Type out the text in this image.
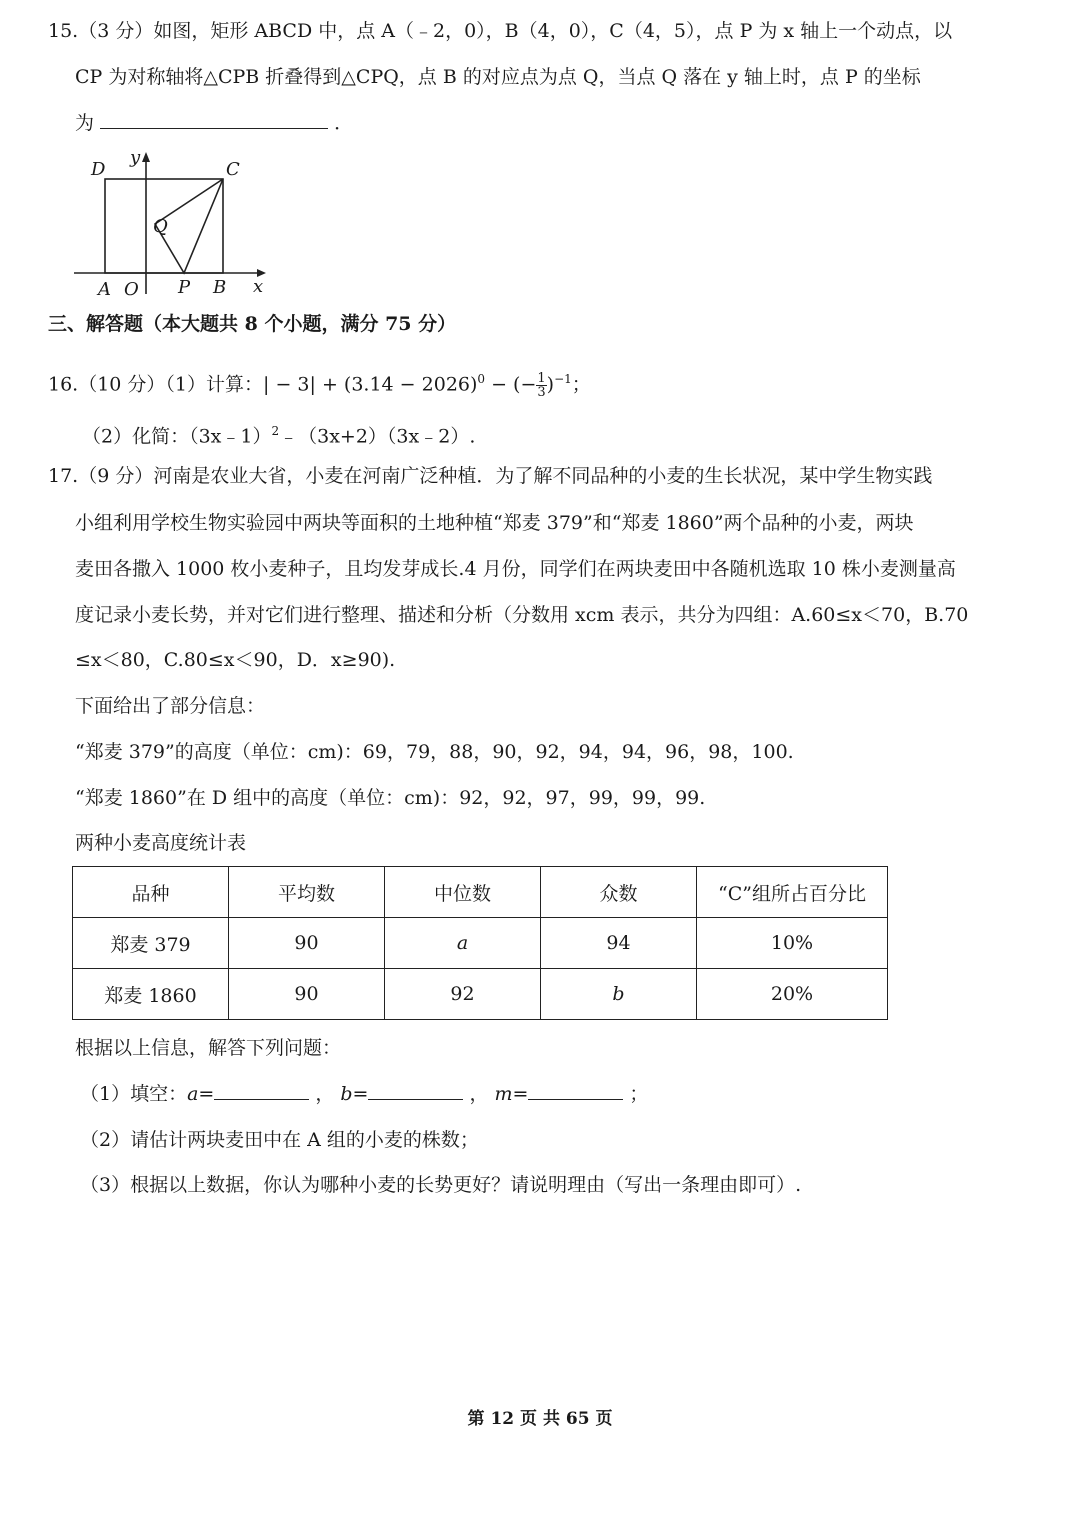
15.（3 分）如图，矩形 ABCD 中，点 A（﹣2，0），B（4，0），C（4，5），点 P 为 x 轴上一个动点，以
CP 为对称轴将△CPB 折叠得到△CPQ，点 B 的对应点为点 Q，当点 Q 落在 y 轴上时，点 P 的坐标
为	．
D
y
C
Q
A O P B x
三、解答题（本大题共 8 个小题，满分 75 分）
16.（10 分）（1）计算：| − $3| + (3.14 - 2026)^0$ − (− $\frac{1}{3} )^{-1}$；
（2）化简：（3x﹣1）$^2$﹣（3x+2）（3x﹣2）.
17.（9 分）河南是农业大省，小麦在河南广泛种植．为了解不同品种的小麦的生长状况，某中学生物实践
小组利用学校生物实验园中两块等面积的土地种植“郑麦 379”和“郑麦 1860”两个品种的小麦，两块
麦田各撒入 1000 枚小麦种子，且均发芽成长.4 月份，同学们在两块麦田中各随机选取 10 株小麦测量高
度记录小麦长势，并对它们进行整理、描述和分析（分数用 xcm 表示，共分为四组：A.60≤x＜70，B.70
≤x＜80，C.80≤x＜90，D．x≥90).
下面给出了部分信息：
“郑麦 379”的高度（单位：cm)：69，79，88，90，92，94，94，96，98，100.
“郑麦 1860”在 D 组中的高度（单位：cm)：92，92，97，99，99，99.
两种小麦高度统计表
品种	平均数	中位数	众数	“C”组所占百分比
郑麦 379	90	a	94	10%
郑麦 1860	90	92	b	20%
根据以上信息，解答下列问题：
（1）填空：a=	， b=	， m=	；
（2）请估计两块麦田中在 A 组的小麦的株数；
（3）根据以上数据，你认为哪种小麦的长势更好？请说明理由（写出一条理由即可）.
第 12 页 共 65 页
